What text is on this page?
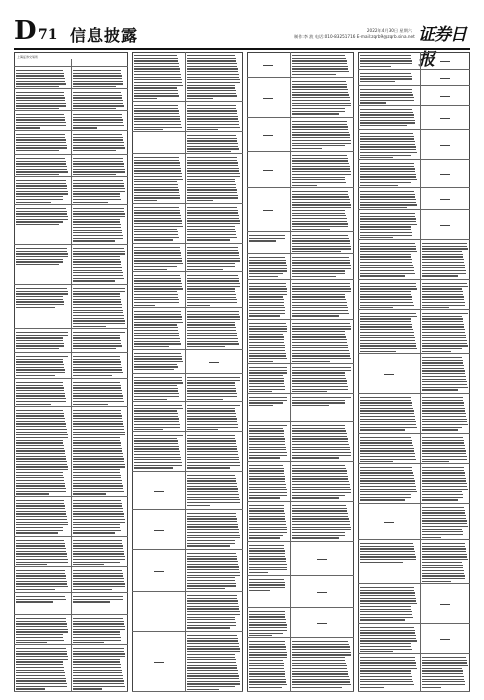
D 71 信息披露	2022年4月30日 星期六
制作:李 波 电话:010-83251716 E-mail:zqrb9@zqrb.sina.net 证券日报
上海证券交易所
